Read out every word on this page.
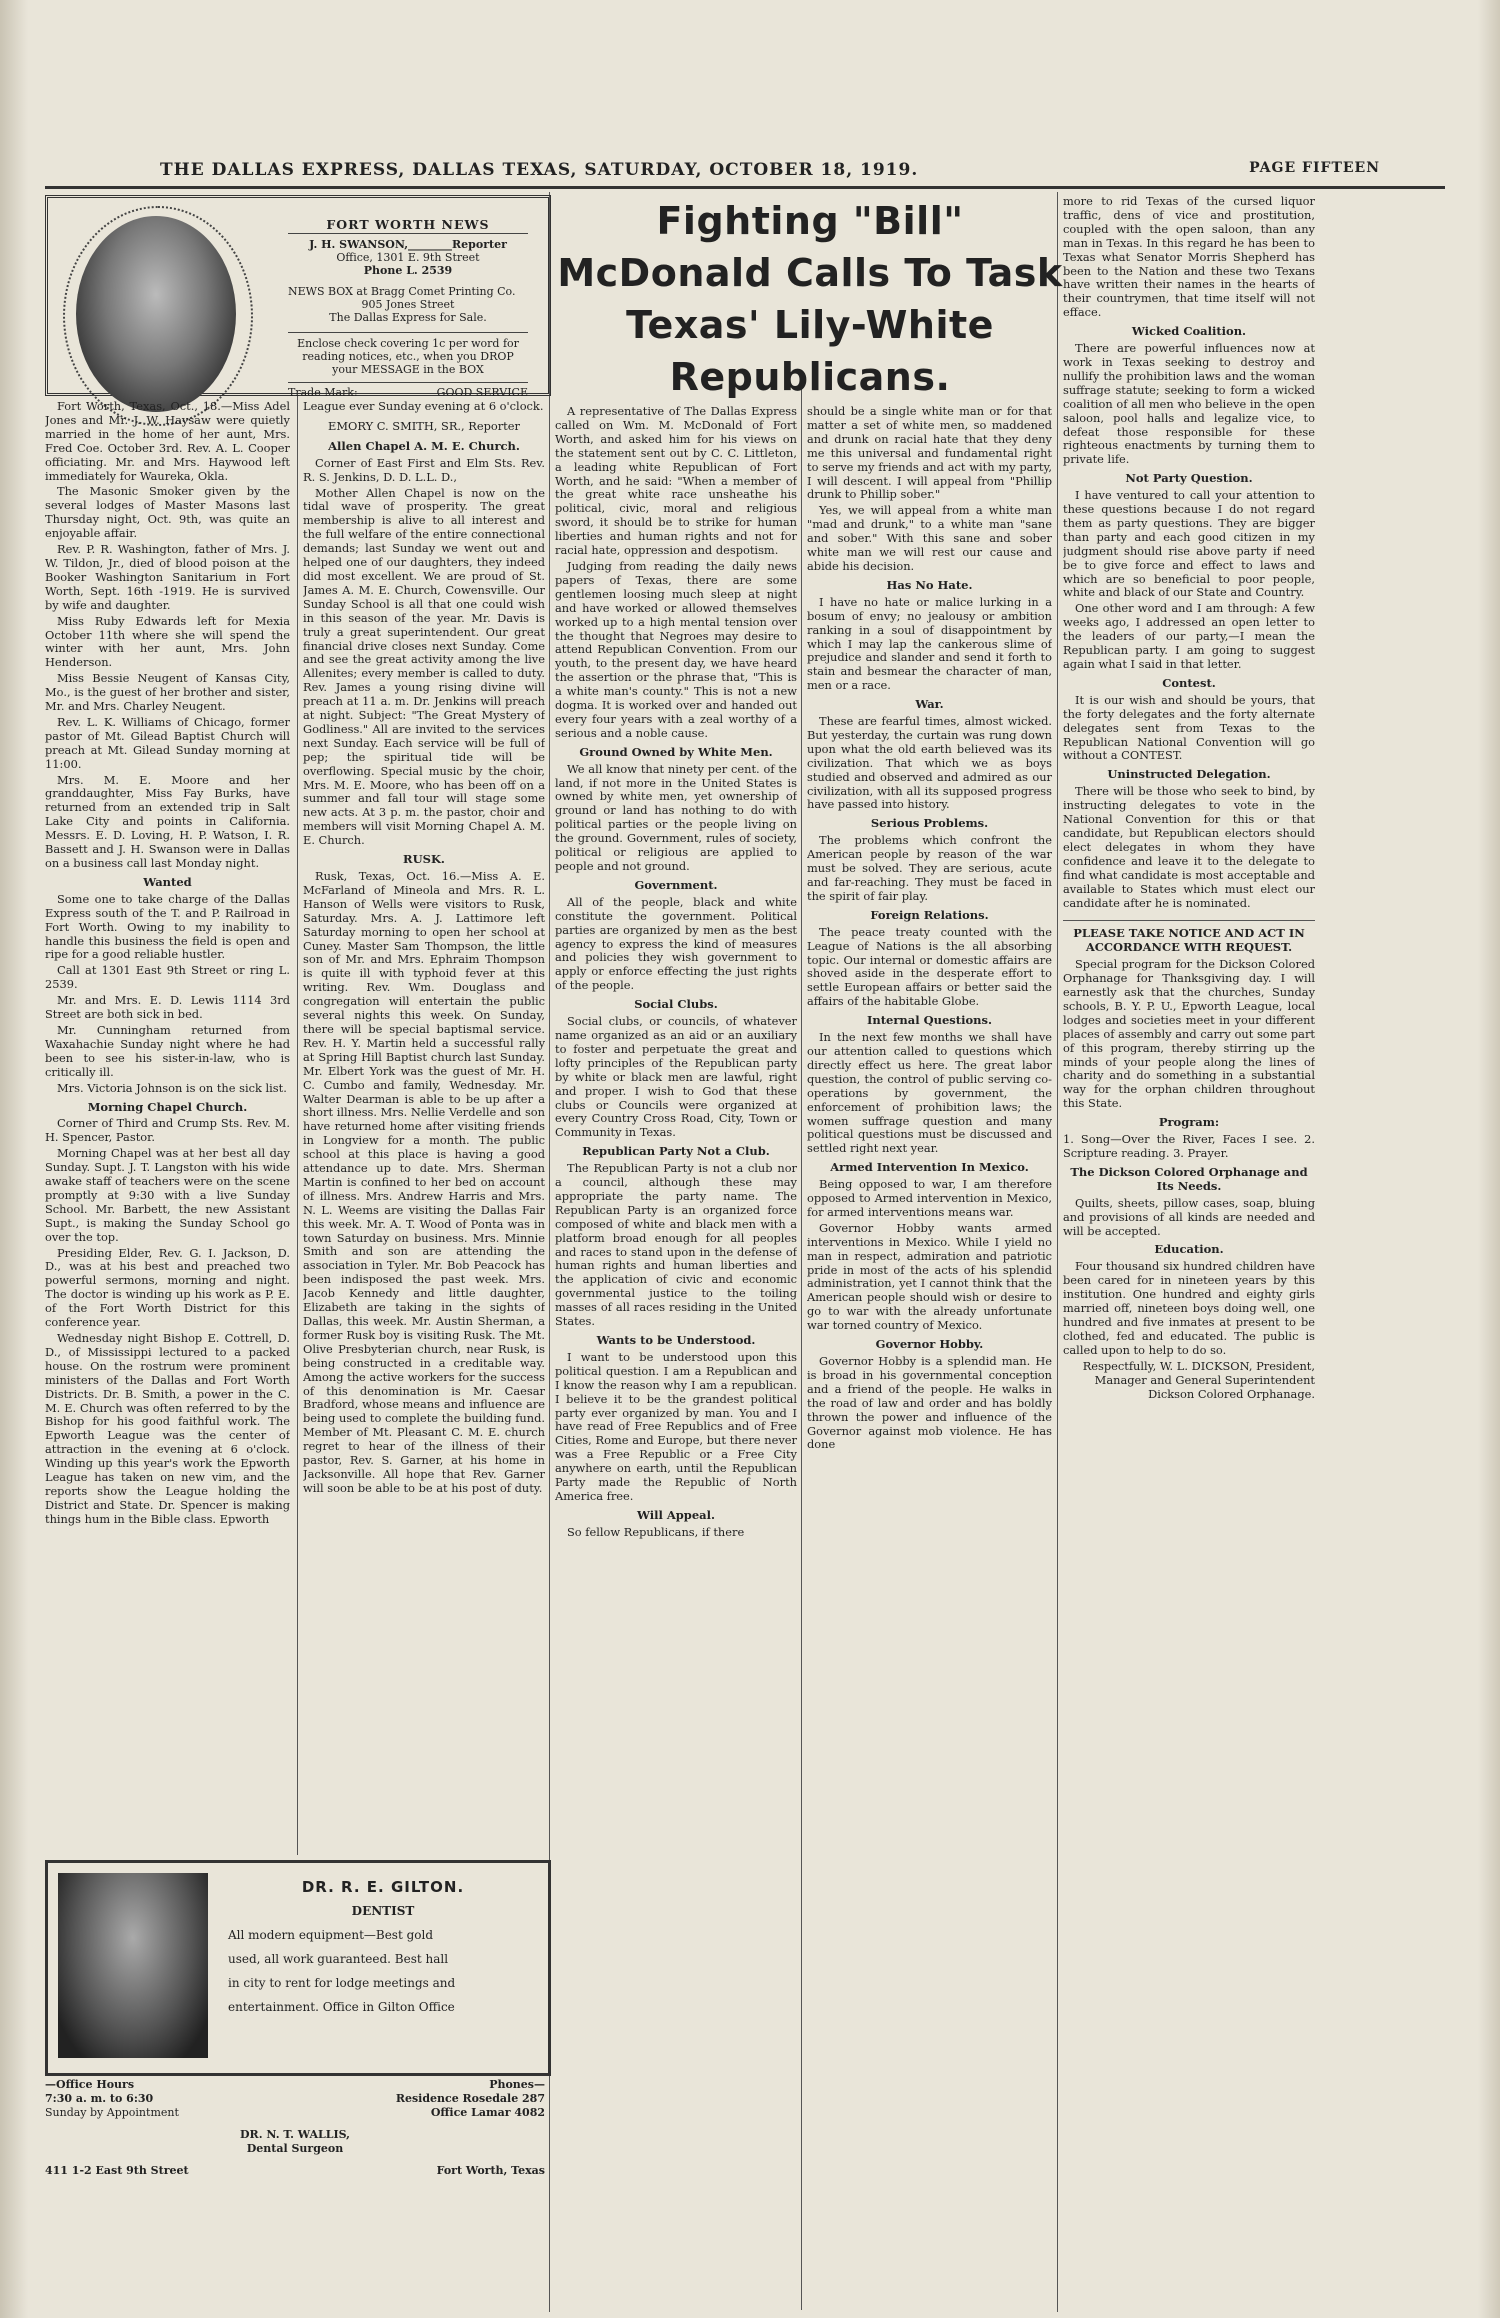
THE DALLAS EXPRESS, DALLAS TEXAS, SATURDAY, OCTOBER 18, 1919.	PAGE FIFTEEN
FORT WORTH NEWS
J. H. SWANSON,________Reporter
Office, 1301 E. 9th Street
Phone L. 2539
NEWS BOX at Bragg Comet Printing Co.
905 Jones Street
The Dallas Express for Sale.
Enclose check covering 1c per word for reading notices, etc., when you DROP your MESSAGE in the BOX
Trade Mark:	GOOD SERVICE
Fighting "Bill" McDonald Calls To Task Texas' Lily-White Republicans.

Fort Worth, Texas, Oct., 18.—Miss Adel Jones and Mr. J. W. Haysaw were quietly married in the home of her aunt, Mrs. Fred Coe. October 3rd. Rev. A. L. Cooper officiating. Mr. and Mrs. Haywood left immediately for Waureka, Okla.

The Masonic Smoker given by the several lodges of Master Masons last Thursday night, Oct. 9th, was quite an enjoyable affair.

Rev. P. R. Washington, father of Mrs. J. W. Tildon, Jr., died of blood poison at the Booker Washington Sanitarium in Fort Worth, Sept. 16th -1919. He is survived by wife and daughter.

Miss Ruby Edwards left for Mexia October 11th where she will spend the winter with her aunt, Mrs. John Henderson.

Miss Bessie Neugent of Kansas City, Mo., is the guest of her brother and sister, Mr. and Mrs. Charley Neugent.

Rev. L. K. Williams of Chicago, former pastor of Mt. Gilead Baptist Church will preach at Mt. Gilead Sunday morning at 11:00.

Mrs. M. E. Moore and her granddaughter, Miss Fay Burks, have returned from an extended trip in Salt Lake City and points in California. Messrs. E. D. Loving, H. P. Watson, I. R. Bassett and J. H. Swanson were in Dallas on a business call last Monday night.

Wanted

Some one to take charge of the Dallas Express south of the T. and P. Railroad in Fort Worth. Owing to my inability to handle this business the field is open and ripe for a good reliable hustler.

Call at 1301 East 9th Street or ring L. 2539.

Mr. and Mrs. E. D. Lewis 1114 3rd Street are both sick in bed.

Mr. Cunningham returned from Waxahachie Sunday night where he had been to see his sister-in-law, who is critically ill.

Mrs. Victoria Johnson is on the sick list.

Morning Chapel Church.

Corner of Third and Crump Sts. Rev. M. H. Spencer, Pastor.

Morning Chapel was at her best all day Sunday. Supt. J. T. Langston with his wide awake staff of teachers were on the scene promptly at 9:30 with a live Sunday School. Mr. Barbett, the new Assistant Supt., is making the Sunday School go over the top.

Presiding Elder, Rev. G. I. Jackson, D. D., was at his best and preached two powerful sermons, morning and night. The doctor is winding up his work as P. E. of the Fort Worth District for this conference year.

Wednesday night Bishop E. Cottrell, D. D., of Mississippi lectured to a packed house. On the rostrum were prominent ministers of the Dallas and Fort Worth Districts. Dr. B. Smith, a power in the C. M. E. Church was often referred to by the Bishop for his good faithful work. The Epworth League was the center of attraction in the evening at 6 o'clock. Winding up this year's work the Epworth League has taken on new vim, and the reports show the League holding the District and State. Dr. Spencer is making things hum in the Bible class. Epworth

League ever Sunday evening at 6 o'clock.

EMORY C. SMITH, SR., Reporter

Allen Chapel A. M. E. Church.

Corner of East First and Elm Sts. Rev. R. S. Jenkins, D. D. L.L. D.,

Mother Allen Chapel is now on the tidal wave of prosperity. The great membership is alive to all interest and the full welfare of the entire connectional demands; last Sunday we went out and helped one of our daughters, they indeed did most excellent. We are proud of St. James A. M. E. Church, Cowensville. Our Sunday School is all that one could wish in this season of the year. Mr. Davis is truly a great superintendent. Our great financial drive closes next Sunday. Come and see the great activity among the live Allenites; every member is called to duty. Rev. James a young rising divine will preach at 11 a. m. Dr. Jenkins will preach at night. Subject: "The Great Mystery of Godliness." All are invited to the services next Sunday. Each service will be full of pep; the spiritual tide will be overflowing. Special music by the choir, Mrs. M. E. Moore, who has been off on a summer and fall tour will stage some new acts. At 3 p. m. the pastor, choir and members will visit Morning Chapel A. M. E. Church.

RUSK.

Rusk, Texas, Oct. 16.—Miss A. E. McFarland of Mineola and Mrs. R. L. Hanson of Wells were visitors to Rusk, Saturday. Mrs. A. J. Lattimore left Saturday morning to open her school at Cuney. Master Sam Thompson, the little son of Mr. and Mrs. Ephraim Thompson is quite ill with typhoid fever at this writing. Rev. Wm. Douglass and congregation will entertain the public several nights this week. On Sunday, there will be special baptismal service. Rev. H. Y. Martin held a successful rally at Spring Hill Baptist church last Sunday. Mr. Elbert York was the guest of Mr. H. C. Cumbo and family, Wednesday. Mr. Walter Dearman is able to be up after a short illness. Mrs. Nellie Verdelle and son have returned home after visiting friends in Longview for a month. The public school at this place is having a good attendance up to date. Mrs. Sherman Martin is confined to her bed on account of illness. Mrs. Andrew Harris and Mrs. N. L. Weems are visiting the Dallas Fair this week. Mr. A. T. Wood of Ponta was in town Saturday on business. Mrs. Minnie Smith and son are attending the association in Tyler. Mr. Bob Peacock has been indisposed the past week. Mrs. Jacob Kennedy and little daughter, Elizabeth are taking in the sights of Dallas, this week. Mr. Austin Sherman, a former Rusk boy is visiting Rusk. The Mt. Olive Presbyterian church, near Rusk, is being constructed in a creditable way. Among the active workers for the success of this denomination is Mr. Caesar Bradford, whose means and influence are being used to complete the building fund. Member of Mt. Pleasant C. M. E. church regret to hear of the illness of their pastor, Rev. S. Garner, at his home in Jacksonville. All hope that Rev. Garner will soon be able to be at his post of duty.

A representative of The Dallas Express called on Wm. M. McDonald of Fort Worth, and asked him for his views on the statement sent out by C. C. Littleton, a leading white Republican of Fort Worth, and he said: "When a member of the great white race unsheathe his political, civic, moral and religious sword, it should be to strike for human liberties and human rights and not for racial hate, oppression and despotism.

Judging from reading the daily news papers of Texas, there are some gentlemen loosing much sleep at night and have worked or allowed themselves worked up to a high mental tension over the thought that Negroes may desire to attend Republican Convention. From our youth, to the present day, we have heard the assertion or the phrase that, "This is a white man's county." This is not a new dogma. It is worked over and handed out every four years with a zeal worthy of a serious and a noble cause.

Ground Owned by White Men.

We all know that ninety per cent. of the land, if not more in the United States is owned by white men, yet ownership of ground or land has nothing to do with political parties or the people living on the ground. Government, rules of society, political or religious are applied to people and not ground.

Government.

All of the people, black and white constitute the government. Political parties are organized by men as the best agency to express the kind of measures and policies they wish government to apply or enforce effecting the just rights of the people.

Social Clubs.

Social clubs, or councils, of whatever name organized as an aid or an auxiliary to foster and perpetuate the great and lofty principles of the Republican party by white or black men are lawful, right and proper. I wish to God that these clubs or Councils were organized at every Country Cross Road, City, Town or Community in Texas.

Republican Party Not a Club.

The Republican Party is not a club nor a council, although these may appropriate the party name. The Republican Party is an organized force composed of white and black men with a platform broad enough for all peoples and races to stand upon in the defense of human rights and human liberties and the application of civic and economic governmental justice to the toiling masses of all races residing in the United States.

Wants to be Understood.

I want to be understood upon this political question. I am a Republican and I know the reason why I am a republican. I believe it to be the grandest political party ever organized by man. You and I have read of Free Republics and of Free Cities, Rome and Europe, but there never was a Free Republic or a Free City anywhere on earth, until the Republican Party made the Republic of North America free.

Will Appeal.

So fellow Republicans, if there

should be a single white man or for that matter a set of white men, so maddened and drunk on racial hate that they deny me this universal and fundamental right to serve my friends and act with my party, I will descent. I will appeal from "Phillip drunk to Phillip sober."

Yes, we will appeal from a white man "mad and drunk," to a white man "sane and sober." With this sane and sober white man we will rest our cause and abide his decision.

Has No Hate.

I have no hate or malice lurking in a bosum of envy; no jealousy or ambition ranking in a soul of disappointment by which I may lap the cankerous slime of prejudice and slander and send it forth to stain and besmear the character of man, men or a race.

War.

These are fearful times, almost wicked. But yesterday, the curtain was rung down upon what the old earth believed was its civilization. That which we as boys studied and observed and admired as our civilization, with all its supposed progress have passed into history.

Serious Problems.

The problems which confront the American people by reason of the war must be solved. They are serious, acute and far-reaching. They must be faced in the spirit of fair play.

Foreign Relations.

The peace treaty counted with the League of Nations is the all absorbing topic. Our internal or domestic affairs are shoved aside in the desperate effort to settle European affairs or better said the affairs of the habitable Globe.

Internal Questions.

In the next few months we shall have our attention called to questions which directly effect us here. The great labor question, the control of public serving co-operations by government, the enforcement of prohibition laws; the women suffrage question and many political questions must be discussed and settled right next year.

Armed Intervention In Mexico.

Being opposed to war, I am therefore opposed to Armed intervention in Mexico, for armed interventions means war.

Governor Hobby wants armed interventions in Mexico. While I yield no man in respect, admiration and patriotic pride in most of the acts of his splendid administration, yet I cannot think that the American people should wish or desire to go to war with the already unfortunate war torned country of Mexico.

Governor Hobby.

Governor Hobby is a splendid man. He is broad in his governmental conception and a friend of the people. He walks in the road of law and order and has boldly thrown the power and influence of the Governor against mob violence. He has done

more to rid Texas of the cursed liquor traffic, dens of vice and prostitution, coupled with the open saloon, than any man in Texas. In this regard he has been to Texas what Senator Morris Shepherd has been to the Nation and these two Texans have written their names in the hearts of their countrymen, that time itself will not efface.

Wicked Coalition.

There are powerful influences now at work in Texas seeking to destroy and nullify the prohibition laws and the woman suffrage statute; seeking to form a wicked coalition of all men who believe in the open saloon, pool halls and legalize vice, to defeat those responsible for these righteous enactments by turning them to private life.

Not Party Question.

I have ventured to call your attention to these questions because I do not regard them as party questions. They are bigger than party and each good citizen in my judgment should rise above party if need be to give force and effect to laws and which are so beneficial to poor people, white and black of our State and Country.

One other word and I am through: A few weeks ago, I addressed an open letter to the leaders of our party,—I mean the Republican party. I am going to suggest again what I said in that letter.

Contest.

It is our wish and should be yours, that the forty delegates and the forty alternate delegates sent from Texas to the Republican National Convention will go without a CONTEST.

Uninstructed Delegation.

There will be those who seek to bind, by instructing delegates to vote in the National Convention for this or that candidate, but Republican electors should elect delegates in whom they have confidence and leave it to the delegate to find what candidate is most acceptable and available to States which must elect our candidate after he is nominated.

PLEASE TAKE NOTICE AND ACT IN ACCORDANCE WITH REQUEST.

Special program for the Dickson Colored Orphanage for Thanksgiving day. I will earnestly ask that the churches, Sunday schools, B. Y. P. U., Epworth League, local lodges and societies meet in your different places of assembly and carry out some part of this program, thereby stirring up the minds of your people along the lines of charity and do something in a substantial way for the orphan children throughout this State.

Program:

1. Song—Over the River, Faces I see. 2. Scripture reading. 3. Prayer.

The Dickson Colored Orphanage and Its Needs.

Quilts, sheets, pillow cases, soap, bluing and provisions of all kinds are needed and will be accepted.

Education.

Four thousand six hundred children have been cared for in nineteen years by this institution. One hundred and eighty girls married off, nineteen boys doing well, one hundred and five inmates at present to be clothed, fed and educated. The public is called upon to help to do so.

Respectfully, W. L. DICKSON, President, Manager and General Superintendent Dickson Colored Orphanage.

DR. R. E. GILTON.
DENTIST
All modern equipment—Best gold
used, all work guaranteed. Best hall
in city to rent for lodge meetings and
entertainment. Office in Gilton Office
—Office Hours	Phones—
7:30 a. m. to 6:30	Residence Rosedale 287
Sunday by Appointment	Office Lamar 4082
DR. N. T. WALLIS,
Dental Surgeon
411 1-2 East 9th Street	Fort Worth, Texas
